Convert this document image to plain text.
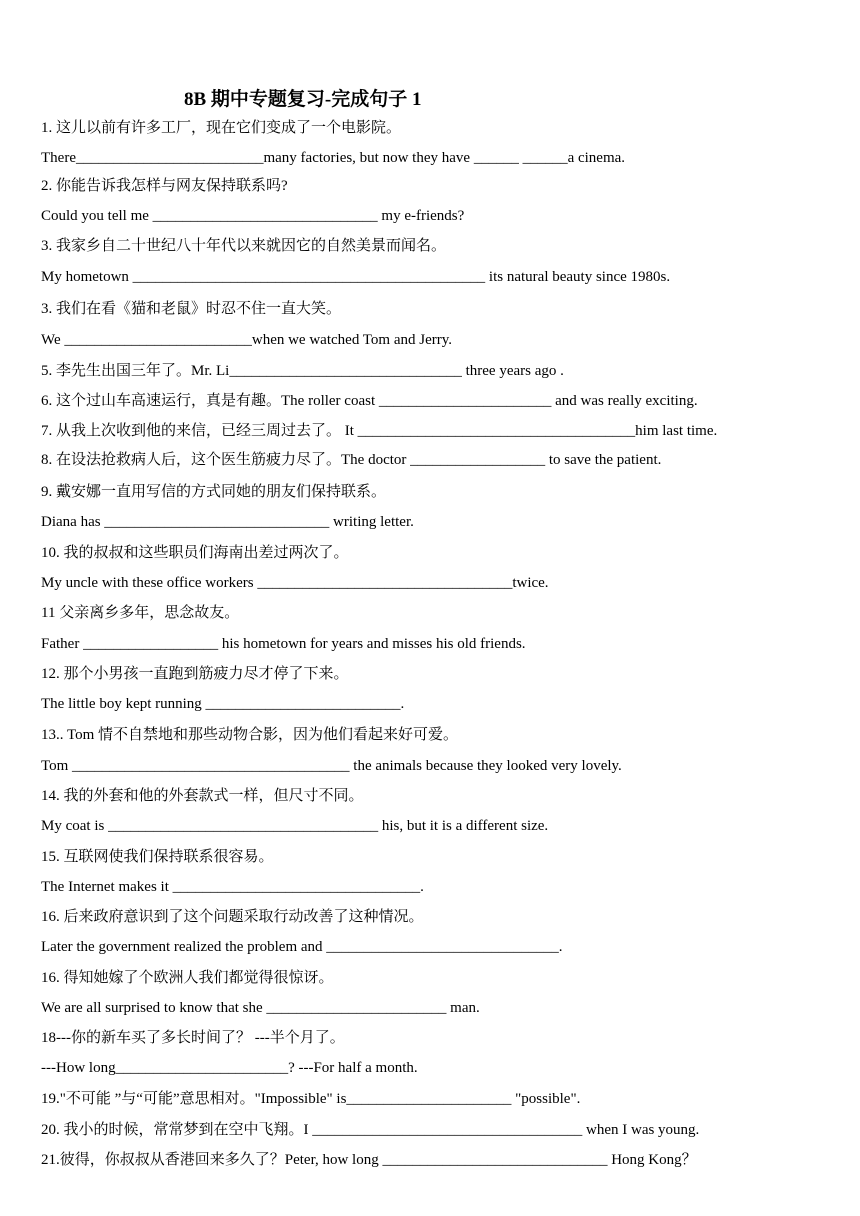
8B 期中专题复习-完成句子 1
1. 这儿以前有许多工厂，现在它们变成了一个电影院。
There_________________________many factories, but now they have ______ ______a cinema.
2. 你能告诉我怎样与网友保持联系吗?
Could you tell me ______________________________ my e-friends?
3. 我家乡自二十世纪八十年代以来就因它的自然美景而闻名。
My hometown _______________________________________________ its natural beauty since 1980s.
3. 我们在看《猫和老鼠》时忍不住一直大笑。
We _________________________when we watched Tom and Jerry.
5. 李先生出国三年了。Mr. Li_______________________________ three years ago .
6. 这个过山车高速运行，真是有趣。The roller coast _______________________ and was really exciting.
7. 从我上次收到他的来信，已经三周过去了。 It _____________________________________him last time.
8. 在设法抢救病人后，这个医生筋疲力尽了。The doctor __________________ to save the patient.
9. 戴安娜一直用写信的方式同她的朋友们保持联系。
Diana has ______________________________ writing letter.
10. 我的叔叔和这些职员们海南出差过两次了。
My uncle with these office workers __________________________________twice.
11 父亲离乡多年，思念故友。
Father __________________ his hometown for years and misses his old friends.
12. 那个小男孩一直跑到筋疲力尽才停了下来。
The little boy kept running __________________________.
13.. Tom 情不自禁地和那些动物合影，因为他们看起来好可爱。
Tom _____________________________________ the animals because they looked very lovely.
14. 我的外套和他的外套款式一样，但尺寸不同。
My coat is ____________________________________ his, but it is a different size.
15. 互联网使我们保持联系很容易。
The Internet makes it _________________________________.
16. 后来政府意识到了这个问题采取行动改善了这种情况。
Later the government realized the problem and _______________________________.
16. 得知她嫁了个欧洲人我们都觉得很惊讶。
We are all surprised to know that she ________________________ man.
18---你的新车买了多长时间了？ ---半个月了。
---How long_______________________? ---For half a month.
19."不可能 ”与“可能”意思相对。"Impossible" is______________________ "possible".
20. 我小的时候，常常梦到在空中飞翔。I ____________________________________ when I was young.
21.彼得，你叔叔从香港回来多久了？Peter, how long ______________________________ Hong Kong？
